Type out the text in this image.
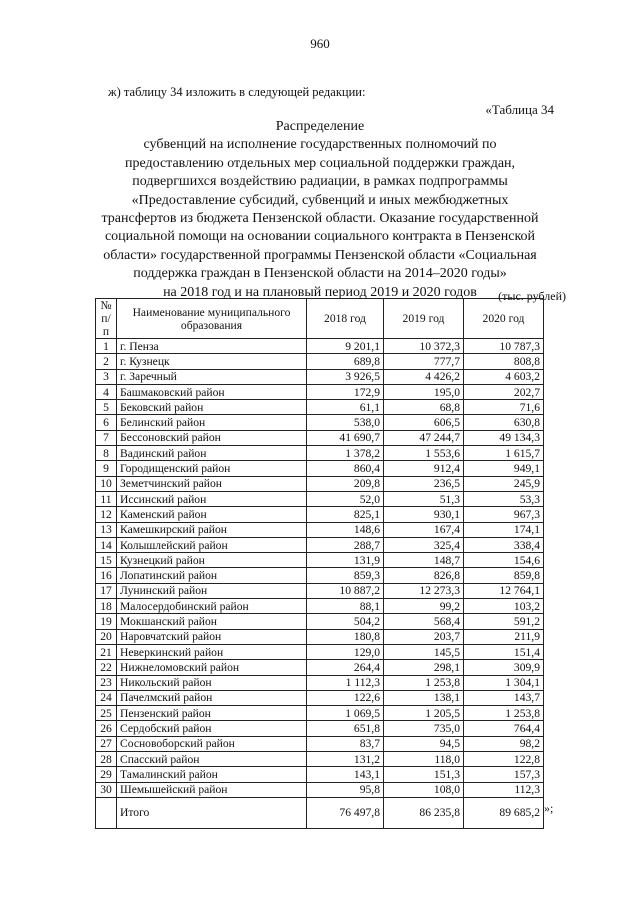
960
ж) таблицу 34 изложить в следующей редакции:
«Таблица 34
Распределение
субвенций на исполнение государственных полномочий по
предоставлению отдельных мер социальной поддержки граждан,
подвергшихся воздействию радиации, в рамках подпрограммы
«Предоставление субсидий, субвенций и иных межбюджетных
трансфертов из бюджета Пензенской области. Оказание государственной
социальной помощи на основании социального контракта в Пензенской
области» государственной программы Пензенской области «Социальная
поддержка граждан в Пензенской области на 2014–2020 годы»
на 2018 год и на плановый период 2019 и 2020 годов	(тыс. рублей)
№ п/п	Наименование муниципального образования	2018 год	2019 год	2020 год
1	г. Пенза	9 201,1	10 372,3	10 787,3
2	г. Кузнецк	689,8	777,7	808,8
3	г. Заречный	3 926,5	4 426,2	4 603,2
4	Башмаковский район	172,9	195,0	202,7
5	Бековский район	61,1	68,8	71,6
6	Белинский район	538,0	606,5	630,8
7	Бессоновский район	41 690,7	47 244,7	49 134,3
8	Вадинский район	1 378,2	1 553,6	1 615,7
9	Городищенский район	860,4	912,4	949,1
10	Земетчинский район	209,8	236,5	245,9
11	Иссинский район	52,0	51,3	53,3
12	Каменский район	825,1	930,1	967,3
13	Камешкирский район	148,6	167,4	174,1
14	Колышлейский район	288,7	325,4	338,4
15	Кузнецкий район	131,9	148,7	154,6
16	Лопатинский район	859,3	826,8	859,8
17	Лунинский район	10 887,2	12 273,3	12 764,1
18	Малосердобинский район	88,1	99,2	103,2
19	Мокшанский район	504,2	568,4	591,2
20	Наровчатский район	180,8	203,7	211,9
21	Неверкинский район	129,0	145,5	151,4
22	Нижнеломовский район	264,4	298,1	309,9
23	Никольский район	1 112,3	1 253,8	1 304,1
24	Пачелмский район	122,6	138,1	143,7
25	Пензенский район	1 069,5	1 205,5	1 253,8
26	Сердобский район	651,8	735,0	764,4
27	Сосновоборский район	83,7	94,5	98,2
28	Спасский район	131,2	118,0	122,8
29	Тамалинский район	143,1	151,3	157,3
30	Шемышейский район	95,8	108,0	112,3
	Итого	76 497,8	86 235,8	89 685,2 »;
